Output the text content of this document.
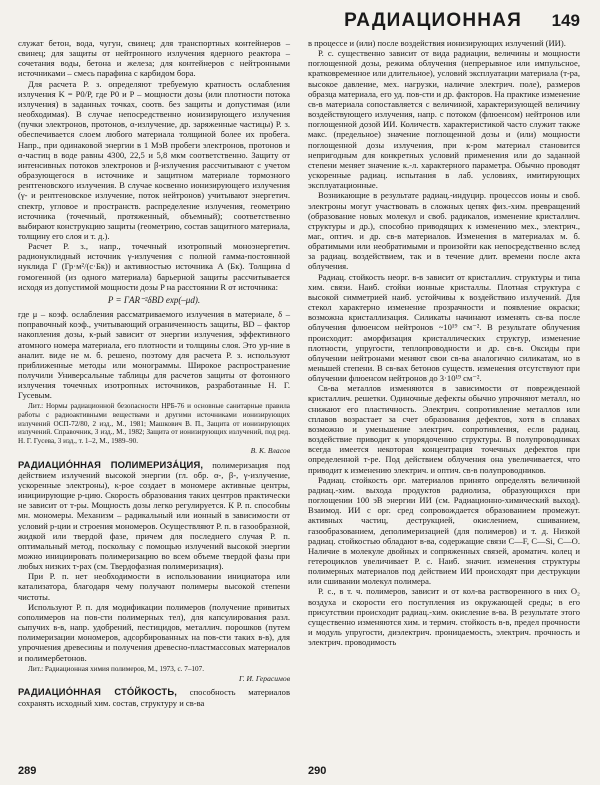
РАДИАЦИОННАЯ 149

служат бетон, вода, чугун, свинец; для транспортных контейнеров – свинец; для защиты от нейтронного излучения ядерного реактора – сочетания воды, бетона и железа; для контейнеров с нейтронными источниками – смесь парафина с карбидом бора.

Для расчета Р. з. определяют требуемую кратность ослабления излучения K = P0/P, где P0 и P – мощности дозы (или плотности потока излучения) в заданных точках, соотв. без защиты и допустимая (или необходимая). В случае непосредственно ионизирующего излучения (пучки электронов, протонов, α-излучение, др. заряженные частицы) Р. з. обеспечивается слоем любого материала толщиной более их пробега. Напр., при одинаковой энергии в 1 МэВ пробеги электронов, протонов и α-частиц в воде равны 4300, 22,5 и 5,8 мкм соответственно. Защиту от интенсивных потоков электронов и β-излучения рассчитывают с учетом образующегося в источнике и защитном материале тормозного рентгеновского излучения. В случае косвенно ионизирующего излучения (γ- и рентгеновское излучение, поток нейтронов) учитывают энергетич. спектр, угловое и пространств. распределение излучения, геометрию источника (точечный, протяженный, объемный); соответственно выбирают конструкцию защиты (геометрию, состав защитного материала, толщину его слоя и т. д.).

Расчет Р. з., напр., точечный изотропный моноэнергетич. радионуклидный источник γ-излучения с полной гамма-постоянной нуклида Г (Гр·м²/(с·Бк)) и активностью источника A (Бк). Толщина d гомогенной (из одного материала) барьерной защиты рассчитывается исходя из допустимой мощности дозы P на расстоянии R от источника:

P = ГAR⁻²δBD exp(–μd).

где μ – коэф. ослабления рассматриваемого излучения в материале, δ – поправочный коэф., учитывающий ограниченность защиты, BD – фактор накопления дозы, к-рый зависит от энергии излучения, эффективного атомного номера материала, его плотности и толщины слоя. Это ур-ние в аналит. виде не м. б. решено, поэтому для расчета Р. з. используют приближенные методы или монограммы. Широкое распространение получили Универсальные таблицы для расчетов защиты от фотонного излучения точечных изотропных источников, разработанные Н. Г. Гусевым.

Лит.: Нормы радиационной безопасности НРБ-76 и основные санитарные правила работы с радиоактивными веществами и другими источниками ионизирующих излучений ОСП-72/80, 2 изд., М., 1981; Машкович В. П., Защита от ионизирующих излучений. Справочник, 3 изд., М., 1982; Защита от ионизирующих излучений, под ред. Н. Г. Гусева, 3 изд., т. 1–2, М., 1989–90.

В. К. Власов

РАДИАЦИО́ННАЯ ПОЛИМЕРИЗА́ЦИЯ, полимеризация под действием излучений высокой энергии (гл. обр. α-, β-, γ-излучение, ускоренные электроны), к-рое создает в мономере активные центры, инициирующие р-цию. Скорость образования таких центров практически не зависит от т-ры. Мощность дозы легко регулируется. К Р. п. способны мн. мономеры. Механизм – радикальный или ионный в зависимости от условий р-ции и строения мономеров. Осуществляют Р. п. в газообразной, жидкой или твердой фазе, причем для последнего случая Р. п. оптимальный метод, поскольку с помощью излучений высокой энергии можно инициировать полимеризацию во всем объеме твердой фазы при любых низких т-рах (см. Твердофазная полимеризация).

При Р. п. нет необходимости в использовании инициатора или катализатора, благодаря чему получают полимеры высокой степени чистоты.

Используют Р. п. для модификации полимеров (получение привитых сополимеров на пов-сти полимерных тел), для капсулирования разл. сыпучих в-в, напр. удобрений, пестицидов, металлич. порошков (путем полимеризации мономеров, адсорбированных на пов-сти таких в-в), для упрочнения древесины и получения древесно-пластмассовых материалов и полимербетонов.

Лит.: Радиационная химия полимеров, М., 1973, с. 7–107.

Г. И. Герасимов

РАДИАЦИО́ННАЯ СТО́ЙКОСТЬ, способность материалов сохранять исходный хим. состав, структуру и св-ва

в процессе и (или) после воздействия ионизирующих излучений (ИИ).

Р. с. существенно зависит от вида радиации, величины и мощности поглощенной дозы, режима облучения (непрерывное или импульсное, кратковременное или длительное), условий эксплуатации материала (т-ра, высокое давление, мех. нагрузки, наличие электрич. поле), размеров образца материала, его уд. пов-сти и др. факторов. На практике изменение св-в материала сопоставляется с величиной, характеризующей величину воздействующего излучения, напр. с потоком (флюенсом) нейтронов или поглощенной дозой ИИ. Количеств. характеристикой часто служит также макс. (предельное) значение поглощенной дозы и (или) мощности поглощенной дозы излучения, при к-ром материал становится непригодным для конкретных условий применения или до заданной степени меняет значение к.-л. характерного параметра. Обычно проводят ускоренные радиац. испытания в лаб. условиях, имитирующих эксплуатационные.

Возникающие в результате радиац.-индуцир. процессов ионы и своб. электроны могут участвовать в сложных цепях физ.-хим. превращений (образование новых молекул и своб. радикалов, изменение кристаллич. структуры и др.), способно приводящих к изменению мех., электрич., маг., оптич. и др. св-в материалов. Изменения в материалах м. б. обратимыми или необратимыми и произойти как непосредственно вслед за радиац. воздействием, так и в течение длит. времени после акта облучения.

Радиац. стойкость неорг. в-в зависит от кристаллич. структуры и типа хим. связи. Наиб. стойки ионные кристаллы. Плотная структура с высокой симметрией наиб. устойчивы к воздействию излучений. Для стекол характерно изменение прозрачности и появление окраски; возможна кристаллизация. Силикаты начинают изменять св-ва после облучения флюенсом нейтронов ~10¹⁹ см⁻². В результате облучения происходит: аморфизация кристаллических структур, изменение плотности, упругости, теплопроводности и др. св-в. Оксиды при облучении нейтронами меняют свои св-ва аналогично силикатам, но в меньшей степени. В св-вах бетонов существ. изменения отсутствуют при облучении флюенсом нейтронов до 3·10¹⁹ см⁻².

Св-ва металлов изменяются в зависимости от поврежденной кристаллич. решетки. Одиночные дефекты обычно упрочняют металл, но снижают его пластичность. Электрич. сопротивление металлов или сплавов возрастает за счет образования дефектов, хотя в сплавах возможно и уменьшение электрич. сопротивления, если радиац. воздействие приводит к упорядочению структуры. В полупроводниках всегда имеется некоторая концентрация точечных дефектов при определенной т-ре. Под действием облучения она увеличивается, что приводит к изменению электрич. и оптич. св-в полупроводников.

Радиац. стойкость орг. материалов принято определять величиной радиац.-хим. выхода продуктов радиолиза, образующихся при поглощении 100 эВ энергии ИИ (см. Радиационно-химический выход). Взаимод. ИИ с орг. сред сопровождается образованием промежут. активных частиц, деструкцией, окислением, сшиванием, газообразованием, деполимеризацией (для полимеров) и т. д. Низкой радиац. стойкостью обладают в-ва, содержащие связи C—F, C—Si, C—O. Наличие в молекуле двойных и сопряженных связей, ароматич. колец и гетероциклов увеличивает Р. с. Наиб. значит. изменения структуры полимерных материалов под действием ИИ происходят при деструкции или сшивании молекул полимера.

Р. с., в т. ч. полимеров, зависит и от кол-ва растворенного в них O₂ воздуха и скорости его поступления из окружающей среды; в его присутствии происходит радиац.-хим. окисление в-ва. В результате этого существенно изменяются хим. и термич. стойкость в-в, предел прочности и модуль упругости, диэлектрич. проницаемость, электрич. прочность и электрич. проводимость

289	290
